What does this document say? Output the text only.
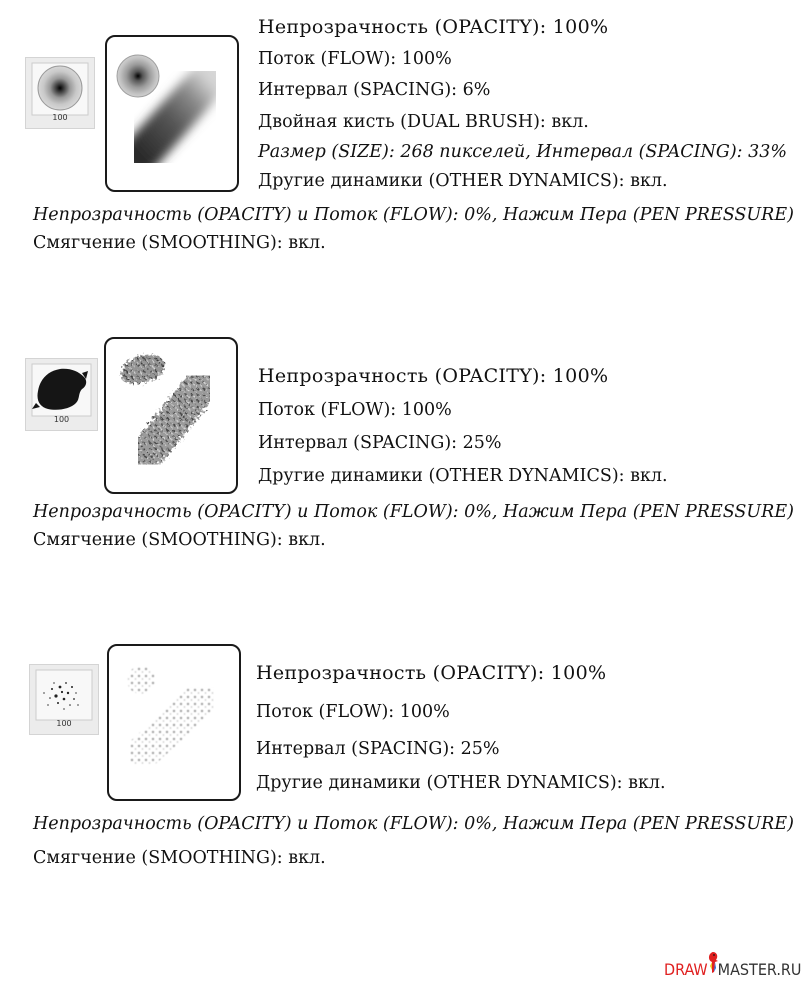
100
Непрозрачность (OPACITY): 100%
Поток (FLOW): 100%
Интервал (SPACING): 6%
Двойная кисть (DUAL BRUSH): вкл.
Размер (SIZE): 268 пикселей, Интервал (SPACING): 33%
Другие динамики (OTHER DYNAMICS): вкл.
Непрозрачность (OPACITY) и Поток (FLOW): 0%, Нажим Пера (PEN PRESSURE)
Смягчение (SMOOTHING): вкл.
100
Непрозрачность (OPACITY): 100%
Поток (FLOW): 100%
Интервал (SPACING): 25%
Другие динамики (OTHER DYNAMICS): вкл.
Непрозрачность (OPACITY) и Поток (FLOW): 0%, Нажим Пера (PEN PRESSURE)
Смягчение (SMOOTHING): вкл.
100
Непрозрачность (OPACITY): 100%
Поток (FLOW): 100%
Интервал (SPACING): 25%
Другие динамики (OTHER DYNAMICS): вкл.
Непрозрачность (OPACITY) и Поток (FLOW): 0%, Нажим Пера (PEN PRESSURE)
Смягчение (SMOOTHING): вкл.
DRAW MASTER.RU
